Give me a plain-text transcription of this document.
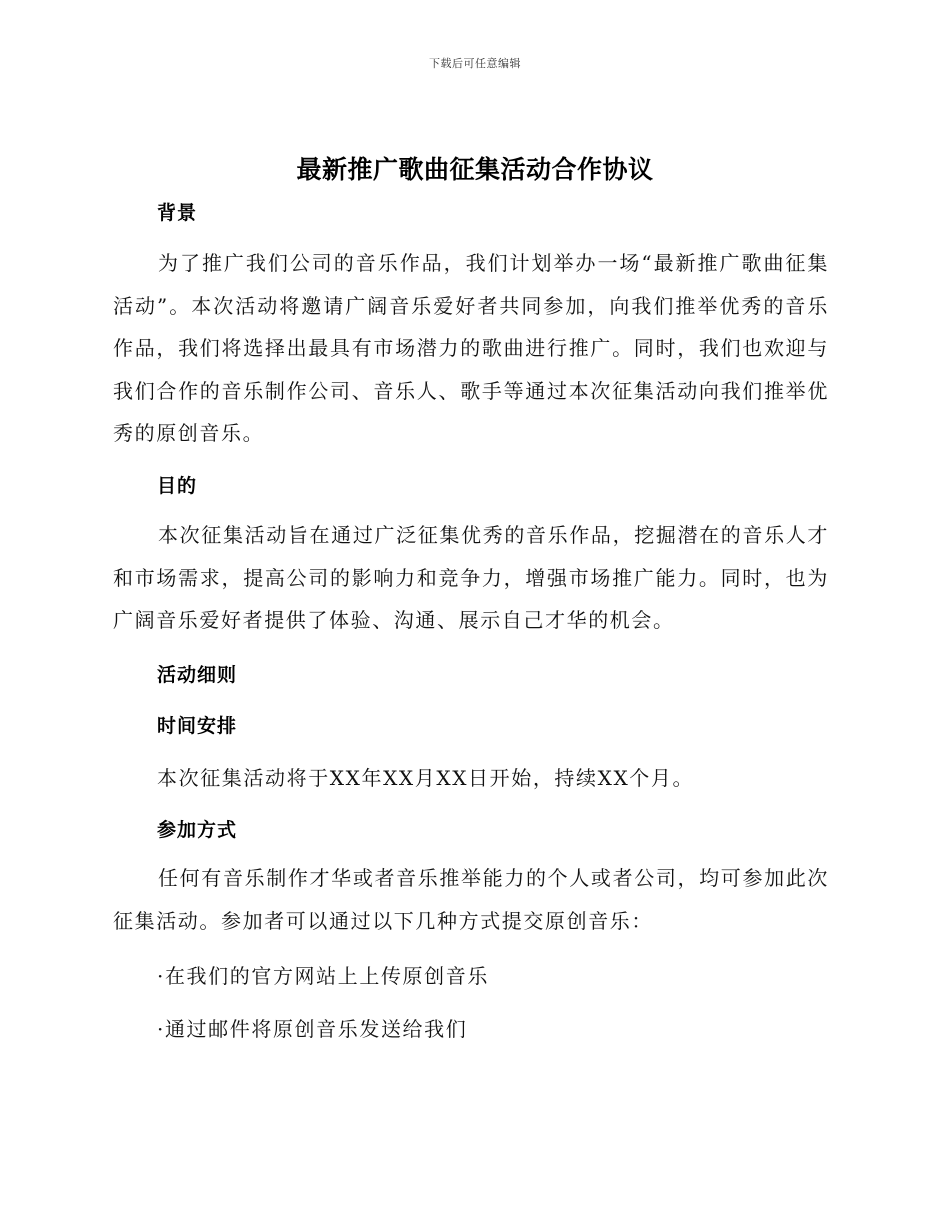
下载后可任意编辑
最新推广歌曲征集活动合作协议
背景

为了推广我们公司的音乐作品，我们计划举办一场“最新推广歌曲征集活动”。本次活动将邀请广阔音乐爱好者共同参加，向我们推举优秀的音乐作品，我们将选择出最具有市场潜力的歌曲进行推广。同时，我们也欢迎与我们合作的音乐制作公司、音乐人、歌手等通过本次征集活动向我们推举优秀的原创音乐。

目的

本次征集活动旨在通过广泛征集优秀的音乐作品，挖掘潜在的音乐人才和市场需求，提高公司的影响力和竞争力，增强市场推广能力。同时，也为广阔音乐爱好者提供了体验、沟通、展示自己才华的机会。

活动细则
时间安排

本次征集活动将于XX年XX月XX日开始，持续XX个月。

参加方式

任何有音乐制作才华或者音乐推举能力的个人或者公司，均可参加此次征集活动。参加者可以通过以下几种方式提交原创音乐：

·在我们的官方网站上上传原创音乐

·通过邮件将原创音乐发送给我们
